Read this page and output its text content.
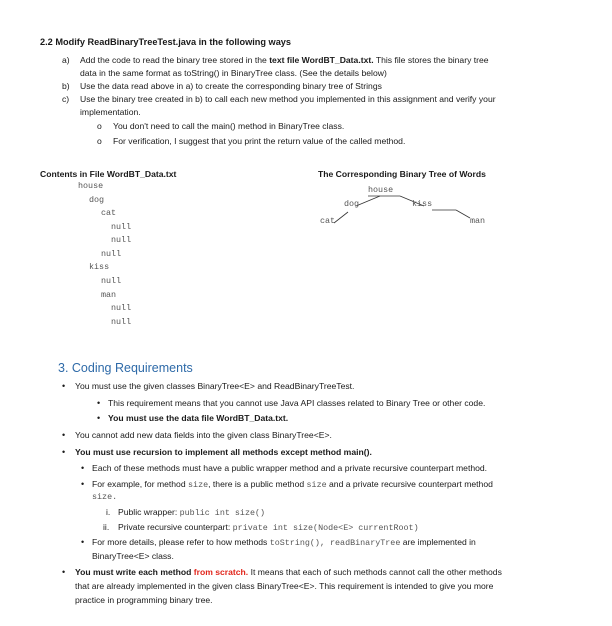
2.2 Modify ReadBinaryTreeTest.java in the following ways
a) Add the code to read the binary tree stored in the text file WordBT_Data.txt. This file stores the binary tree
data in the same format as toString() in BinaryTree class. (See the details below)
b) Use the data read above in a) to create the corresponding binary tree of Strings
c) Use the binary tree created in b) to call each new method you implemented in this assignment and verify your
implementation.
o You don't need to call the main() method in BinaryTree class.
o For verification, I suggest that you print the return value of the called method.
Contents in File WordBT_Data.txt
house
dog
cat
null
null
null
kiss
null
man
null
null
The Corresponding Binary Tree of Words
house
dog	kiss
cat	man
3. Coding Requirements
• You must use the given classes BinaryTree<E> and ReadBinaryTreeTest.
• This requirement means that you cannot use Java API classes related to Binary Tree or other code.
• You must use the data file WordBT_Data.txt.
• You cannot add new data fields into the given class BinaryTree<E>.
• You must use recursion to implement all methods except method main().
• Each of these methods must have a public wrapper method and a private recursive counterpart method.
• For example, for method size, there is a public method size and a private recursive counterpart method
size.
i. Public wrapper: public int size()
ii. Private recursive counterpart: private int size(Node<E> currentRoot)
• For more details, please refer to how methods toString(), readBinaryTree are implemented in
BinaryTree<E> class.
• You must write each method from scratch. It means that each of such methods cannot call the other methods
that are already implemented in the given class BinaryTree<E>. This requirement is intended to give you more
practice in programming binary tree.
